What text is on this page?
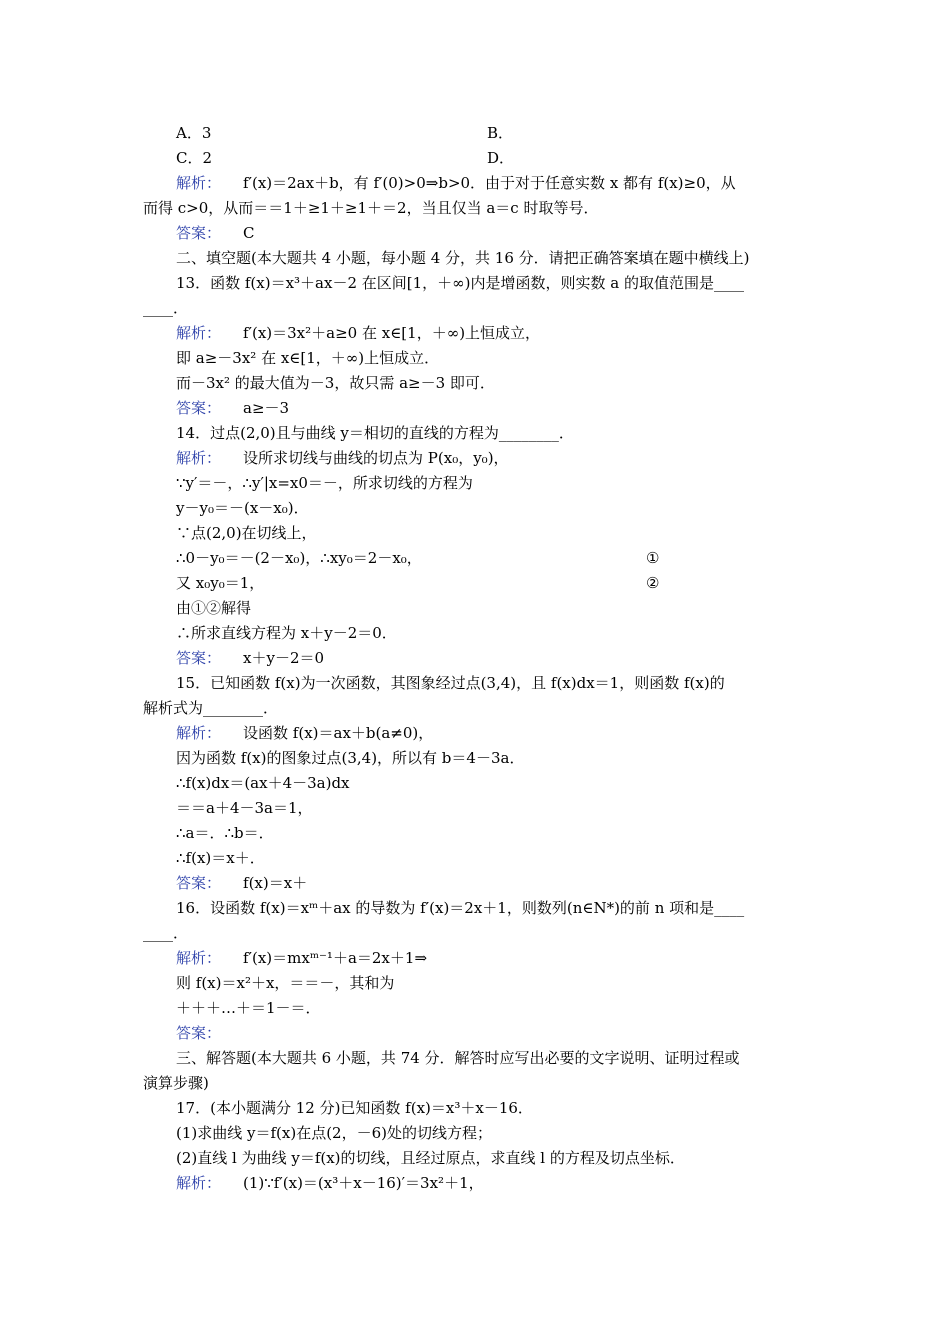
A．3	B．
C．2	D．
解析： f′(x)＝2ax＋b，有 f′(0)>0⇒b>0．由于对于任意实数 x 都有 f(x)≥0，从
而得 c>0，从而＝＝1＋≥1＋≥1＋＝2，当且仅当 a＝c 时取等号．
答案： C
二、填空题(本大题共 4 小题，每小题 4 分，共 16 分．请把正确答案填在题中横线上)
13．函数 f(x)＝x³＋ax－2 在区间[1，＋∞)内是增函数，则实数 a 的取值范围是____
____．
解析： f′(x)＝3x²＋a≥0 在 x∈[1，＋∞)上恒成立，
即 a≥－3x² 在 x∈[1，＋∞)上恒成立．
而－3x² 的最大值为－3，故只需 a≥－3 即可．
答案： a≥－3
14．过点(2,0)且与曲线 y＝相切的直线的方程为________．
解析： 设所求切线与曲线的切点为 P(x₀，y₀)，
∵y′＝－，∴y′|x=x0＝－，所求切线的方程为
y－y₀＝－(x－x₀)．
∵点(2,0)在切线上，
∴0－y₀＝－(2－x₀)，∴xy₀＝2－x₀，	①
又 x₀y₀＝1，	②
由①②解得
∴所求直线方程为 x＋y－2＝0．
答案： x＋y－2＝0
15．已知函数 f(x)为一次函数，其图象经过点(3,4)，且 f(x)dx＝1，则函数 f(x)的
解析式为________．
解析： 设函数 f(x)＝ax＋b(a≠0)，
因为函数 f(x)的图象过点(3,4)，所以有 b＝4－3a．
∴f(x)dx＝(ax＋4－3a)dx
＝＝a＋4－3a＝1，
∴a＝．∴b＝．
∴f(x)＝x＋．
答案： f(x)＝x＋
16．设函数 f(x)＝xᵐ＋ax 的导数为 f′(x)＝2x＋1，则数列(n∈N*)的前 n 项和是____
____．
解析： f′(x)＝mxᵐ⁻¹＋a＝2x＋1⇒
则 f(x)＝x²＋x，＝＝－，其和为
＋＋＋…＋＝1－＝．
答案：
三、解答题(本大题共 6 小题，共 74 分．解答时应写出必要的文字说明、证明过程或
演算步骤)
17．(本小题满分 12 分)已知函数 f(x)＝x³＋x－16．
(1)求曲线 y＝f(x)在点(2，－6)处的切线方程；
(2)直线 l 为曲线 y＝f(x)的切线，且经过原点，求直线 l 的方程及切点坐标．
解析： (1)∵f′(x)＝(x³＋x－16)′＝3x²＋1，
